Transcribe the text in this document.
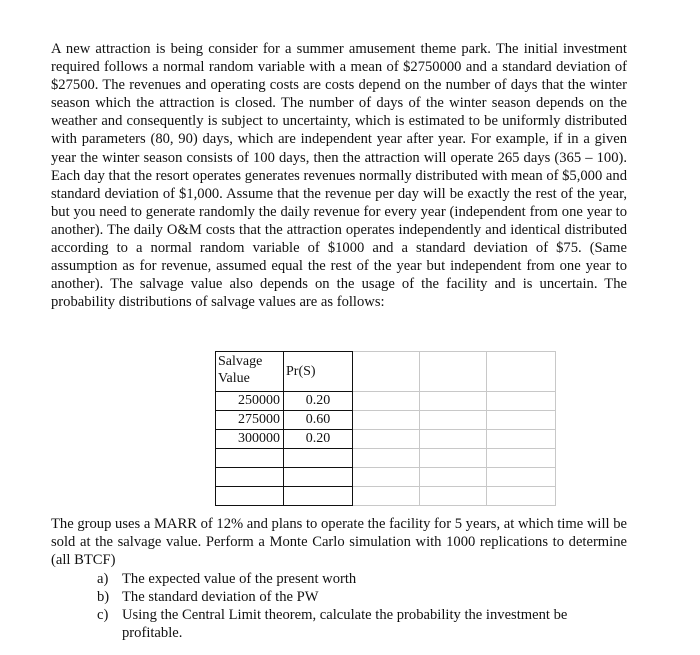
A new attraction is being consider for a summer amusement theme park. The initial investment required follows a normal random variable with a mean of $2750000 and a standard deviation of $27500. The revenues and operating costs are costs depend on the number of days that the winter season which the attraction is closed. The number of days of the winter season depends on the weather and consequently is subject to uncertainty, which is estimated to be uniformly distributed with parameters (80, 90) days, which are independent year after year. For example, if in a given year the winter season consists of 100 days, then the attraction will operate 265 days (365 – 100). Each day that the resort operates generates revenues normally distributed with mean of $5,000 and standard deviation of $1,000. Assume that the revenue per day will be exactly the rest of the year, but you need to generate randomly the daily revenue for every year (independent from one year to another). The daily O&M costs that the attraction operates independently and identical distributed according to a normal random variable of $1000 and a standard deviation of $75. (Same assumption as for revenue, assumed equal the rest of the year but independent from one year to another). The salvage value also depends on the usage of the facility and is uncertain. The probability distributions of salvage values are as follows:

Salvage
Value	Pr(S)			
250000	0.20			
275000	0.60			
300000	0.20			

The group uses a MARR of 12% and plans to operate the facility for 5 years, at which time will be sold at the salvage value. Perform a Monte Carlo simulation with 1000 replications to determine (all BTCF)

a) The expected value of the present worth
b) The standard deviation of the PW
c) Using the Central Limit theorem, calculate the probability the investment be profitable.
